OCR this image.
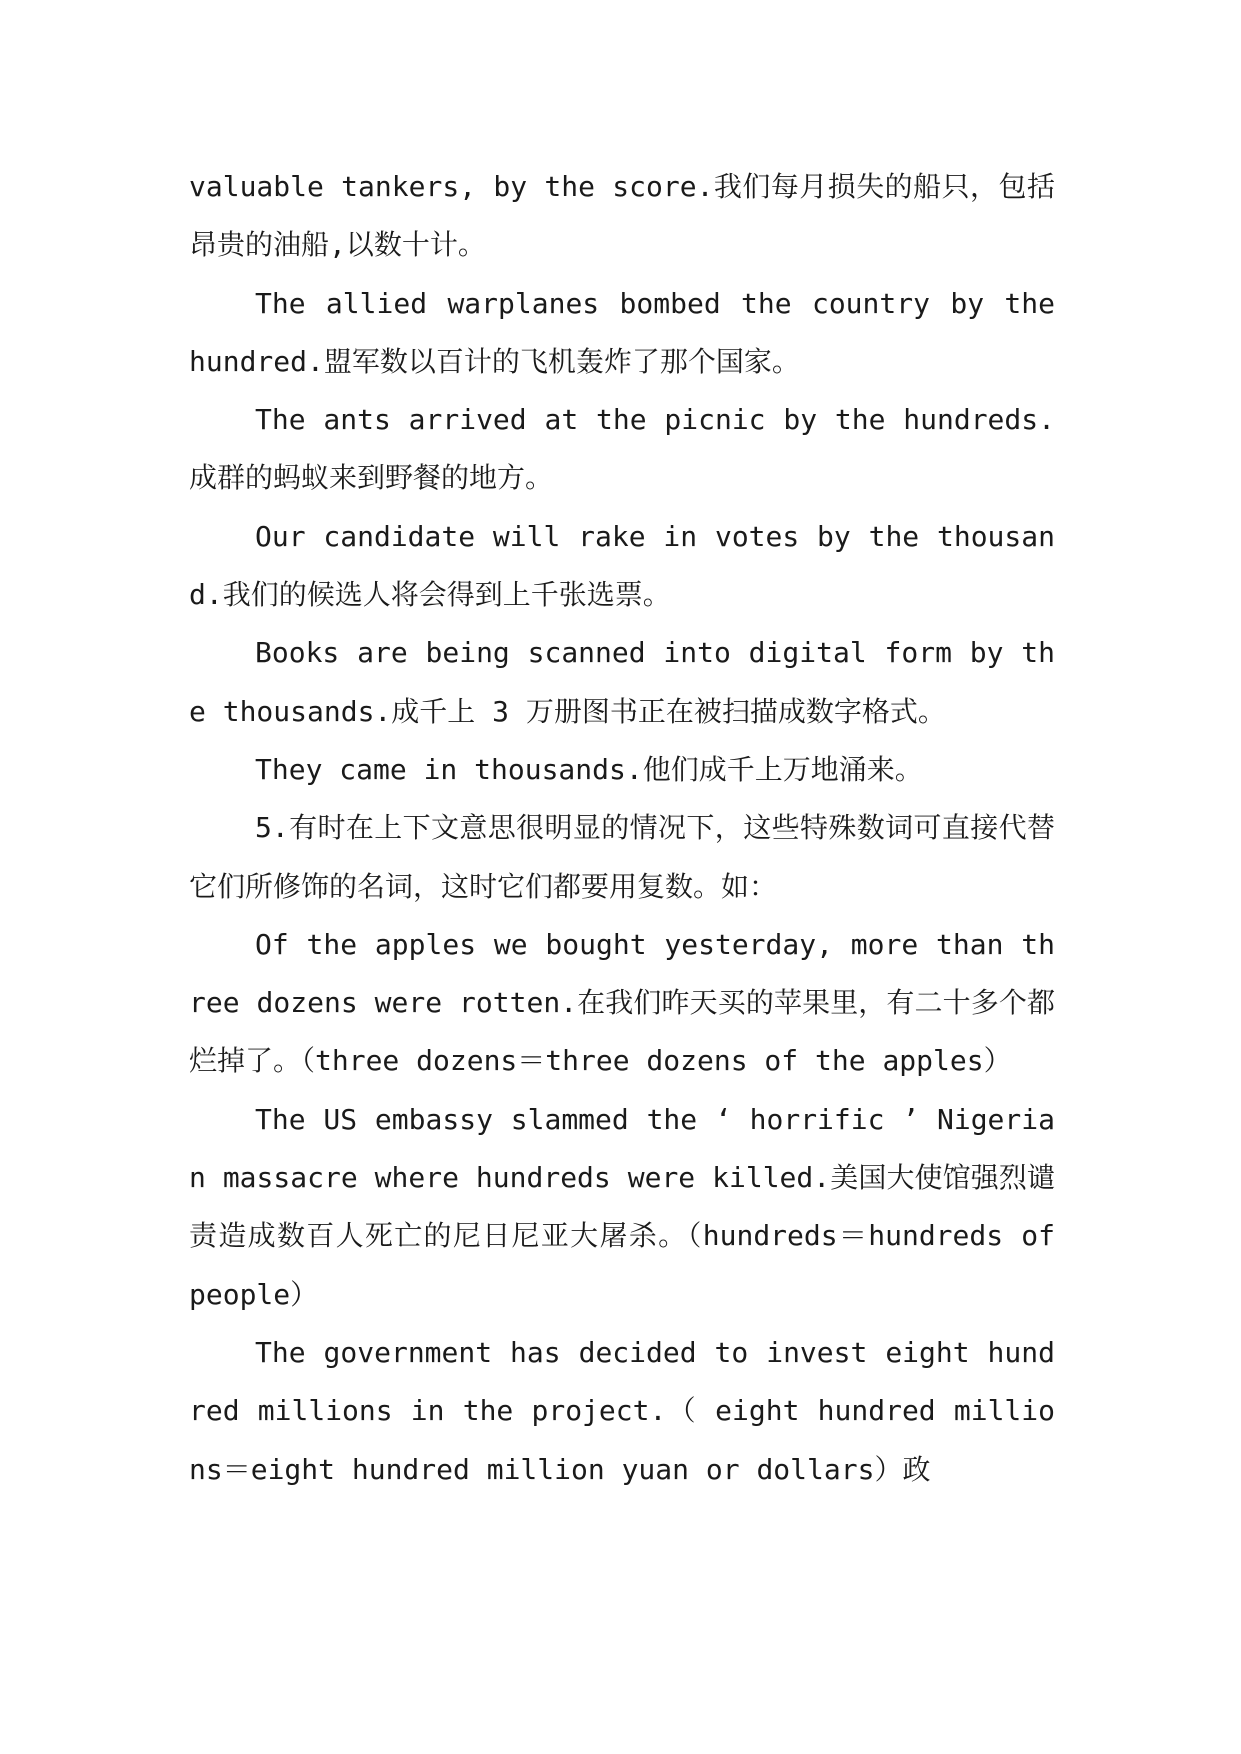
valuable tankers, by the score.我们每月损失的船只，包括昂贵的油船,以数十计。

The allied warplanes bombed the country by the hundred.盟军数以百计的飞机轰炸了那个国家。

The ants arrived at the picnic by the hundreds.成群的蚂蚁来到野餐的地方。

Our candidate will rake in votes by the thousand.我们的候选人将会得到上千张选票。

Books are being scanned into digital form by the thousands.成千上 3 万册图书正在被扫描成数字格式。

They came in thousands.他们成千上万地涌来。

5.有时在上下文意思很明显的情况下，这些特殊数词可直接代替它们所修饰的名词，这时它们都要用复数。如：

Of the apples we bought yesterday, more than three dozens were rotten.在我们昨天买的苹果里，有二十多个都烂掉了。（three dozens＝three dozens of the apples）

The US embassy slammed the ‘ horrific ’ Nigerian massacre where hundreds were killed.美国大使馆强烈谴责造成数百人死亡的尼日尼亚大屠杀。（hundreds＝hundreds of people）

The government has decided to invest eight hundred millions in the project.（ eight hundred millions＝eight hundred million yuan or dollars）政
